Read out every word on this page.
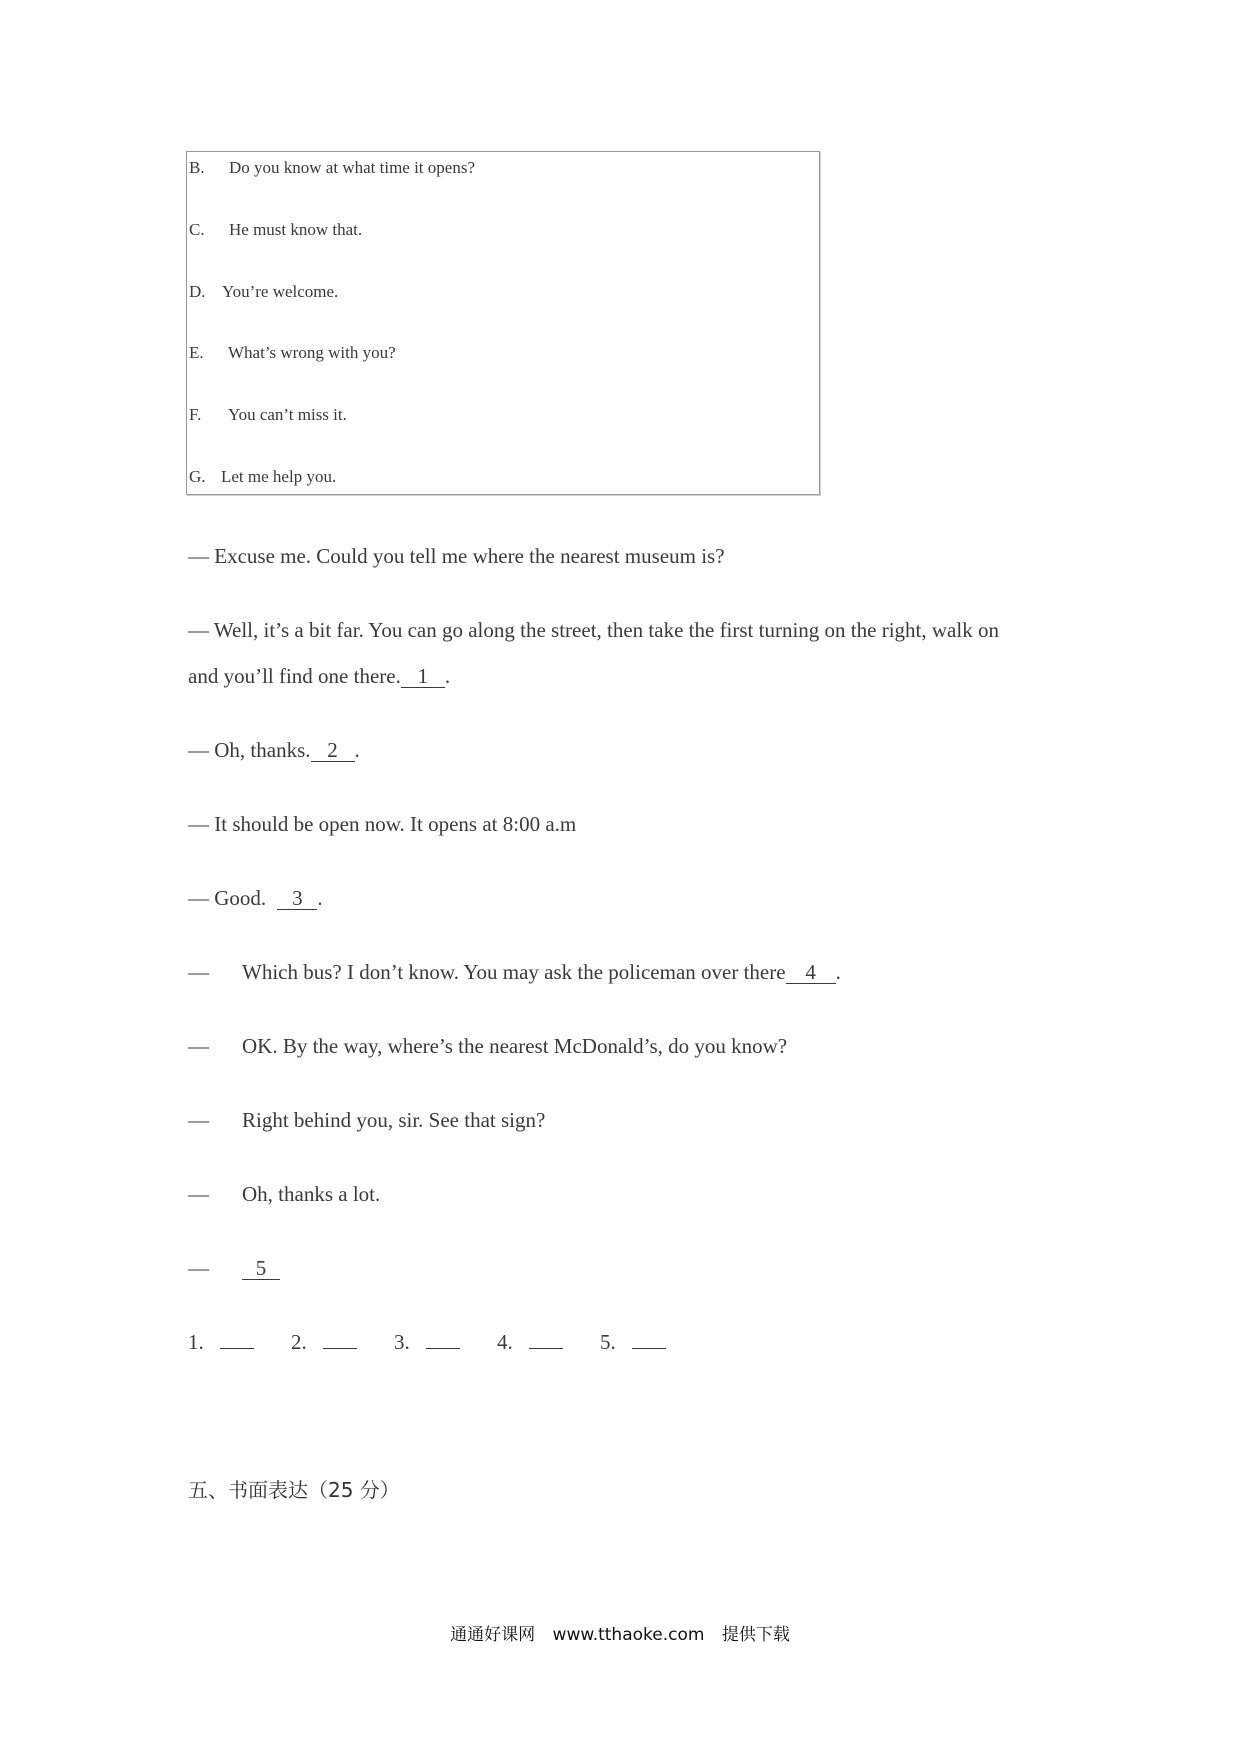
B. Do you know at what time it opens?
C. He must know that.
D. You’re welcome.
E. What’s wrong with you?
F. You can’t miss it.
G. Let me help you.
— Excuse me. Could you tell me where the nearest museum is?
— Well, it’s a bit far. You can go along the street, then take the first turning on the right, walk on
and you’ll find one there. 1 .
— Oh, thanks. 2 .
— It should be open now. It opens at 8:00 a.m
— Good. 3 .
— Which bus? I don’t know. You may ask the policeman over there 4 .
— OK. By the way, where’s the nearest McDonald’s, do you know?
— Right behind you, sir. See that sign?
— Oh, thanks a lot.
—	5
1.	2.	3.	4.	5.
五、书面表达（25 分）
通通好课网 www.tthaoke.com 提供下载
